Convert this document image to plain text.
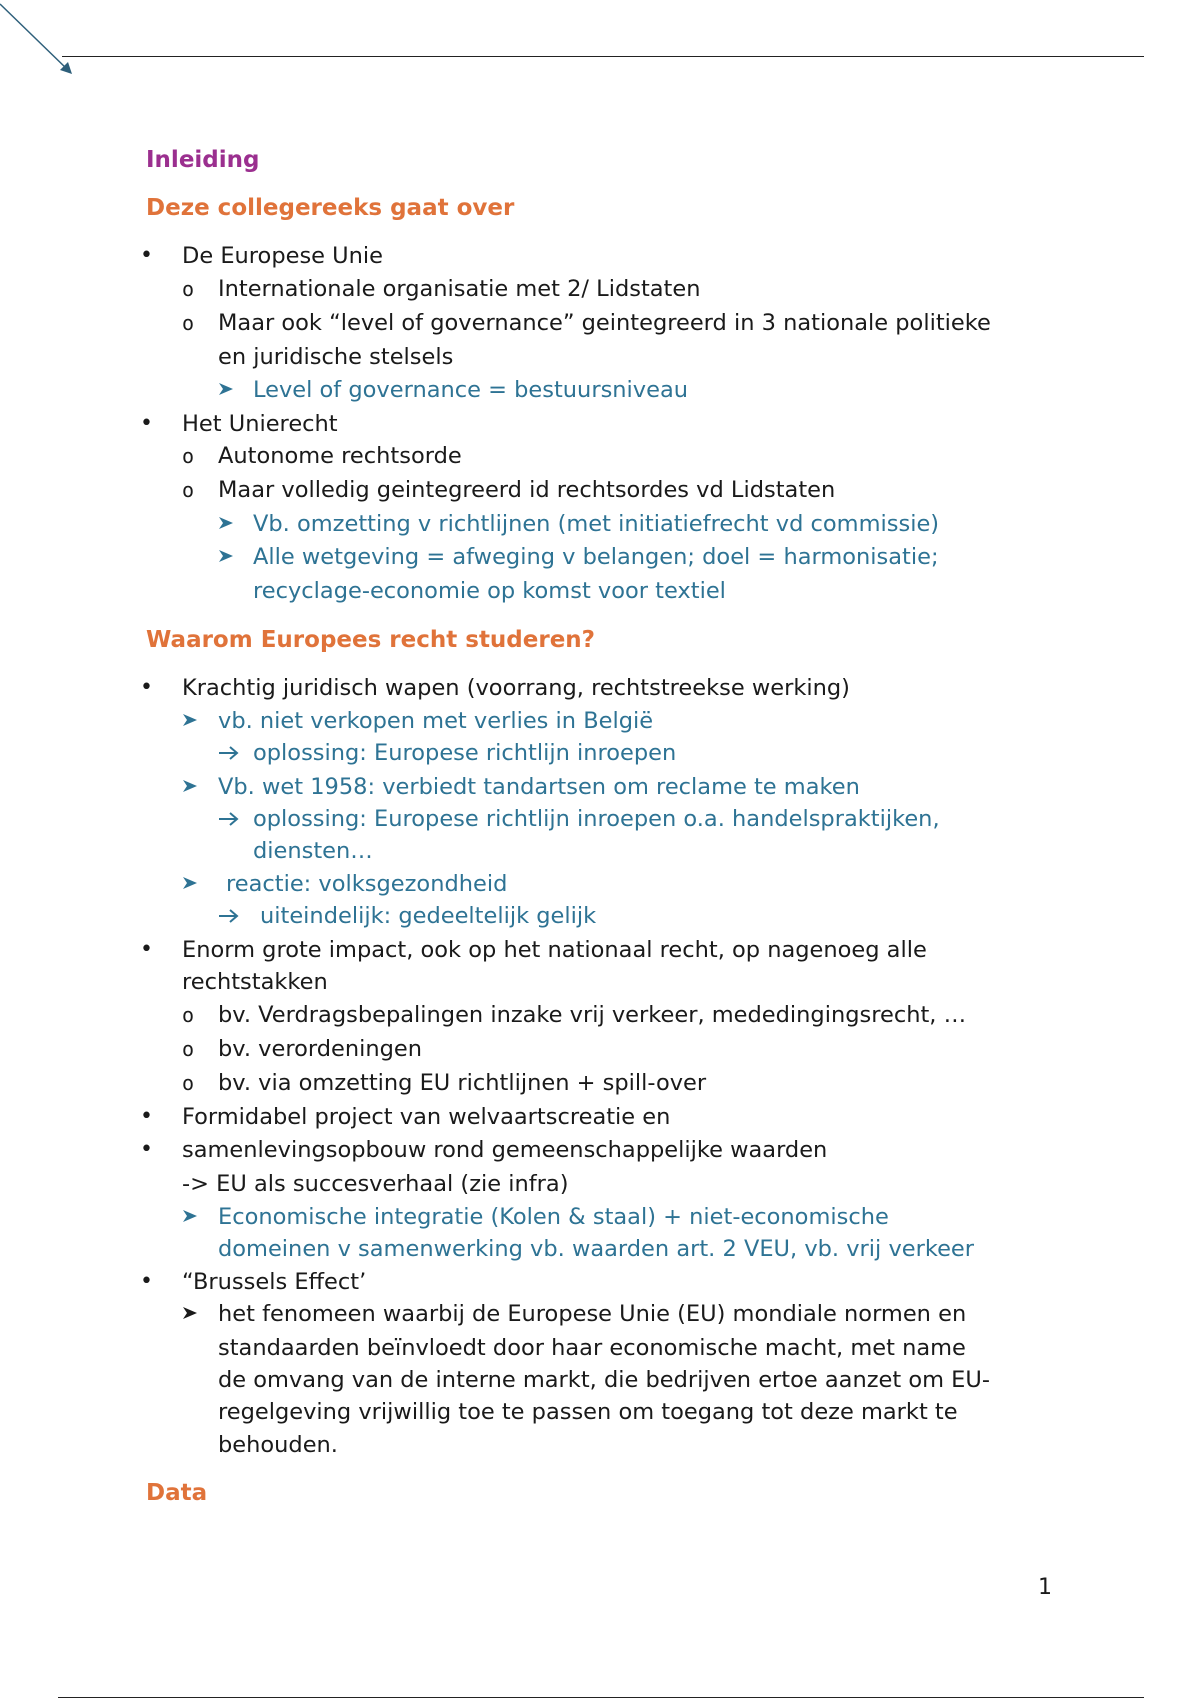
Inleiding
Deze collegereeks gaat over
• De Europese Unie
o Internationale organisatie met 2/ Lidstaten
o Maar ook “level of governance” geintegreerd in 3 nationale politieke
en juridische stelsels
Level of governance = bestuursniveau
• Het Unierecht
o Autonome rechtsorde
o Maar volledig geintegreerd id rechtsordes vd Lidstaten
Vb. omzetting v richtlijnen (met initiatiefrecht vd commissie)
Alle wetgeving = afweging v belangen; doel = harmonisatie;
recyclage-economie op komst voor textiel
Waarom Europees recht studeren?
• Krachtig juridisch wapen (voorrang, rechtstreekse werking)
vb. niet verkopen met verlies in België
oplossing: Europese richtlijn inroepen
Vb. wet 1958: verbiedt tandartsen om reclame te maken
oplossing: Europese richtlijn inroepen o.a. handelspraktijken,
diensten…
reactie: volksgezondheid
uiteindelijk: gedeeltelijk gelijk
• Enorm grote impact, ook op het nationaal recht, op nagenoeg alle
rechtstakken
o bv. Verdragsbepalingen inzake vrij verkeer, mededingingsrecht, …
o bv. verordeningen
o bv. via omzetting EU richtlijnen + spill-over
• Formidabel project van welvaartscreatie en
• samenlevingsopbouw rond gemeenschappelijke waarden
-> EU als succesverhaal (zie infra)
Economische integratie (Kolen & staal) + niet-economische
domeinen v samenwerking vb. waarden art. 2 VEU, vb. vrij verkeer
• “Brussels Effect’
het fenomeen waarbij de Europese Unie (EU) mondiale normen en
standaarden beïnvloedt door haar economische macht, met name
de omvang van de interne markt, die bedrijven ertoe aanzet om EU-
regelgeving vrijwillig toe te passen om toegang tot deze markt te
behouden.
Data
1
